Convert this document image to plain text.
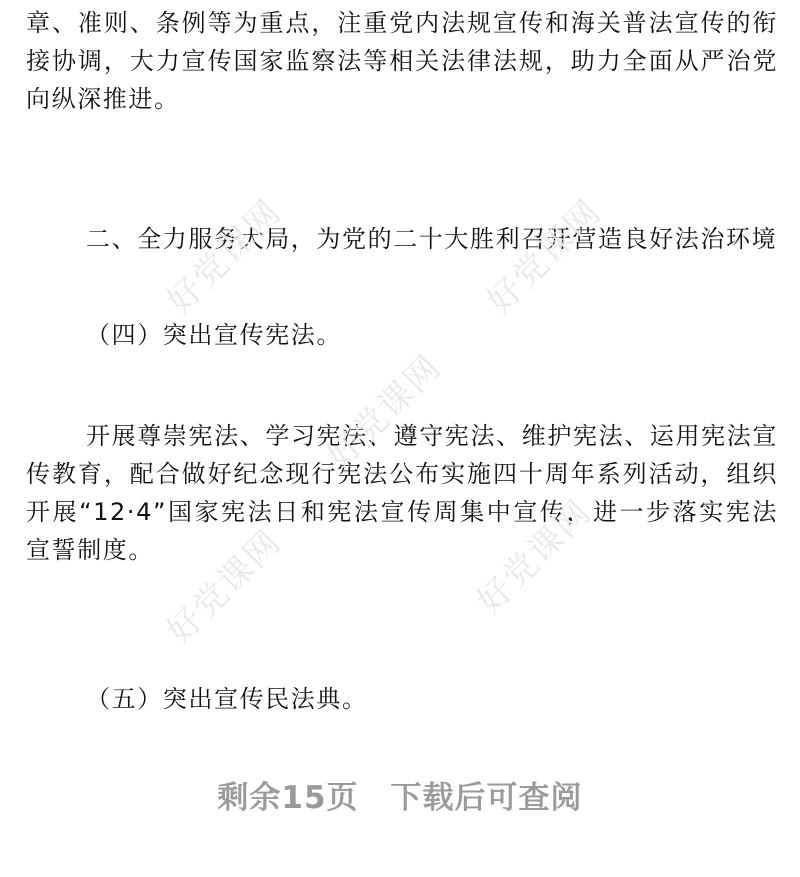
章、准则、条例等为重点，注重党内法规宣传和海关普法宣传的衔接协调，大力宣传国家监察法等相关法律法规，助力全面从严治党向纵深推进。

二、全力服务大局，为党的二十大胜利召开营造良好法治环境

（四）突出宣传宪法。

开展尊崇宪法、学习宪法、遵守宪法、维护宪法、运用宪法宣传教育，配合做好纪念现行宪法公布实施四十周年系列活动，组织开展“12·4”国家宪法日和宪法宣传周集中宣传，进一步落实宪法宣誓制度。

（五）突出宣传民法典。

好党课网	好党课网
好党课网
好党课网	好党课网
剩余15页　下载后可查阅
